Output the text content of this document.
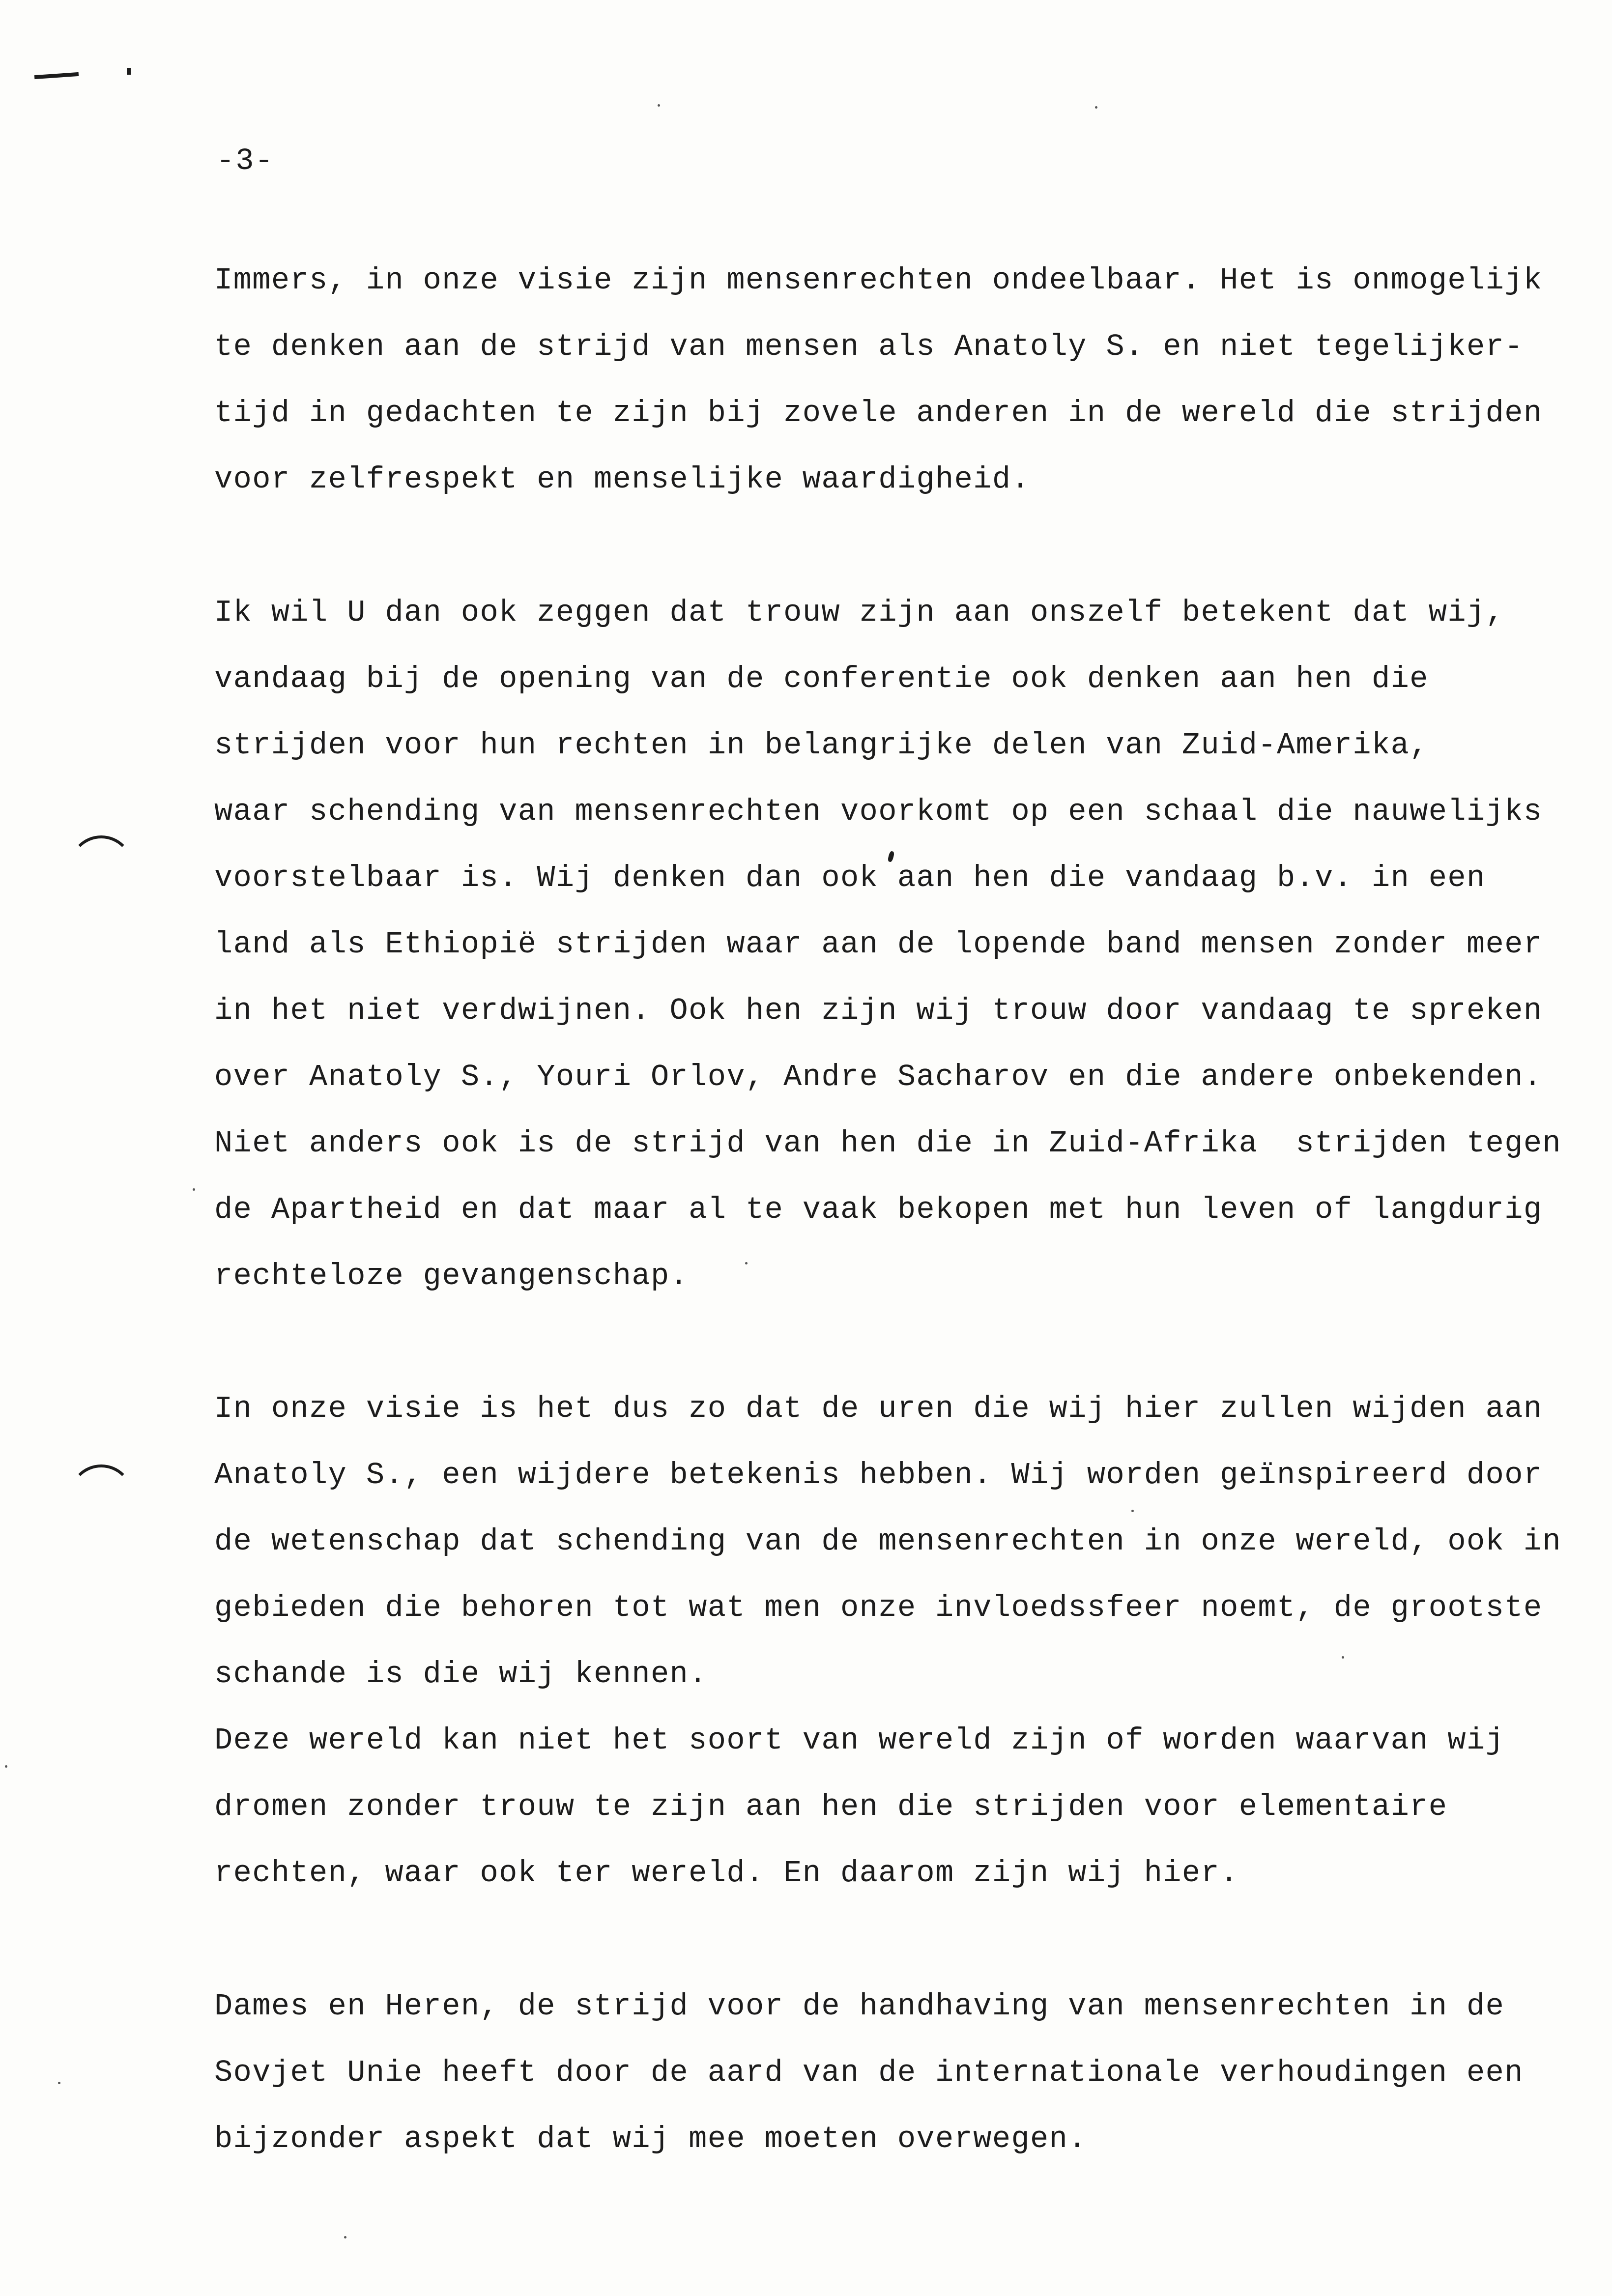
-3-
Immers, in onze visie zijn mensenrechten ondeelbaar. Het is onmogelijk
te denken aan de strijd van mensen als Anatoly S. en niet tegelijker-
tijd in gedachten te zijn bij zovele anderen in de wereld die strijden
voor zelfrespekt en menselijke waardigheid.
Ik wil U dan ook zeggen dat trouw zijn aan onszelf betekent dat wij,
vandaag bij de opening van de conferentie ook denken aan hen die
strijden voor hun rechten in belangrijke delen van Zuid-Amerika,
waar schending van mensenrechten voorkomt op een schaal die nauwelijks
voorstelbaar is. Wij denken dan ook aan hen die vandaag b.v. in een
land als Ethiopië strijden waar aan de lopende band mensen zonder meer
in het niet verdwijnen. Ook hen zijn wij trouw door vandaag te spreken
over Anatoly S., Youri Orlov, Andre Sacharov en die andere onbekenden.
Niet anders ook is de strijd van hen die in Zuid-Afrika  strijden tegen
de Apartheid en dat maar al te vaak bekopen met hun leven of langdurig
rechteloze gevangenschap.
In onze visie is het dus zo dat de uren die wij hier zullen wijden aan
Anatoly S., een wijdere betekenis hebben. Wij worden geïnspireerd door
de wetenschap dat schending van de mensenrechten in onze wereld, ook in
gebieden die behoren tot wat men onze invloedssfeer noemt, de grootste
schande is die wij kennen.
Deze wereld kan niet het soort van wereld zijn of worden waarvan wij
dromen zonder trouw te zijn aan hen die strijden voor elementaire
rechten, waar ook ter wereld. En daarom zijn wij hier.
Dames en Heren, de strijd voor de handhaving van mensenrechten in de
Sovjet Unie heeft door de aard van de internationale verhoudingen een
bijzonder aspekt dat wij mee moeten overwegen.
